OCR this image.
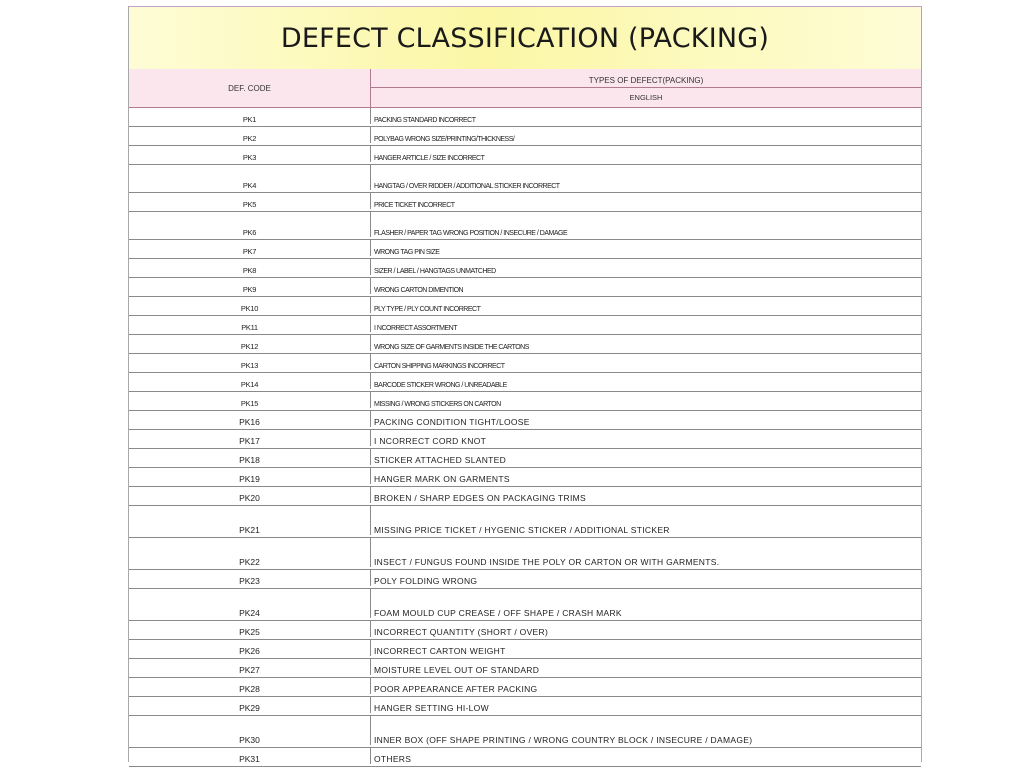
DEFECT CLASSIFICATION (PACKING)
DEF. CODE
TYPES OF DEFECT(PACKING)
ENGLISH
PK1	PACKING STANDARD INCORRECT
PK2	POLYBAG WRONG SIZE/PRINTING/THICKNESS/
PK3	HANGER ARTICLE / SIZE INCORRECT
PK4	HANGTAG / OVER RIDDER / ADDITIONAL STICKER INCORRECT
PK5	PRICE TICKET INCORRECT
PK6	FLASHER / PAPER TAG WRONG POSITION / INSECURE / DAMAGE
PK7	WRONG TAG PIN SIZE
PK8	SIZER / LABEL / HANGTAGS UNMATCHED
PK9	WRONG CARTON DIMENTION
PK10	PLY TYPE / PLY COUNT INCORRECT
PK11	I NCORRECT ASSORTMENT
PK12	WRONG SIZE OF GARMENTS INSIDE THE CARTONS
PK13	CARTON SHIPPING MARKINGS INCORRECT
PK14	BARCODE STICKER WRONG / UNREADABLE
PK15	MISSING / WRONG STICKERS ON CARTON
PK16	PACKING CONDITION TIGHT/LOOSE
PK17	I NCORRECT CORD KNOT
PK18	STICKER ATTACHED SLANTED
PK19	HANGER MARK ON GARMENTS
PK20	BROKEN / SHARP EDGES ON PACKAGING TRIMS
PK21	MISSING PRICE TICKET / HYGENIC STICKER / ADDITIONAL STICKER
PK22	INSECT / FUNGUS FOUND INSIDE THE POLY OR CARTON OR WITH GARMENTS.
PK23	POLY FOLDING WRONG
PK24	FOAM MOULD CUP CREASE / OFF SHAPE / CRASH MARK
PK25	INCORRECT QUANTITY (SHORT / OVER)
PK26	INCORRECT CARTON WEIGHT
PK27	MOISTURE LEVEL OUT OF STANDARD
PK28	POOR APPEARANCE AFTER PACKING
PK29	HANGER SETTING HI-LOW
PK30	INNER BOX (OFF SHAPE PRINTING / WRONG COUNTRY BLOCK / INSECURE / DAMAGE)
PK31	OTHERS
